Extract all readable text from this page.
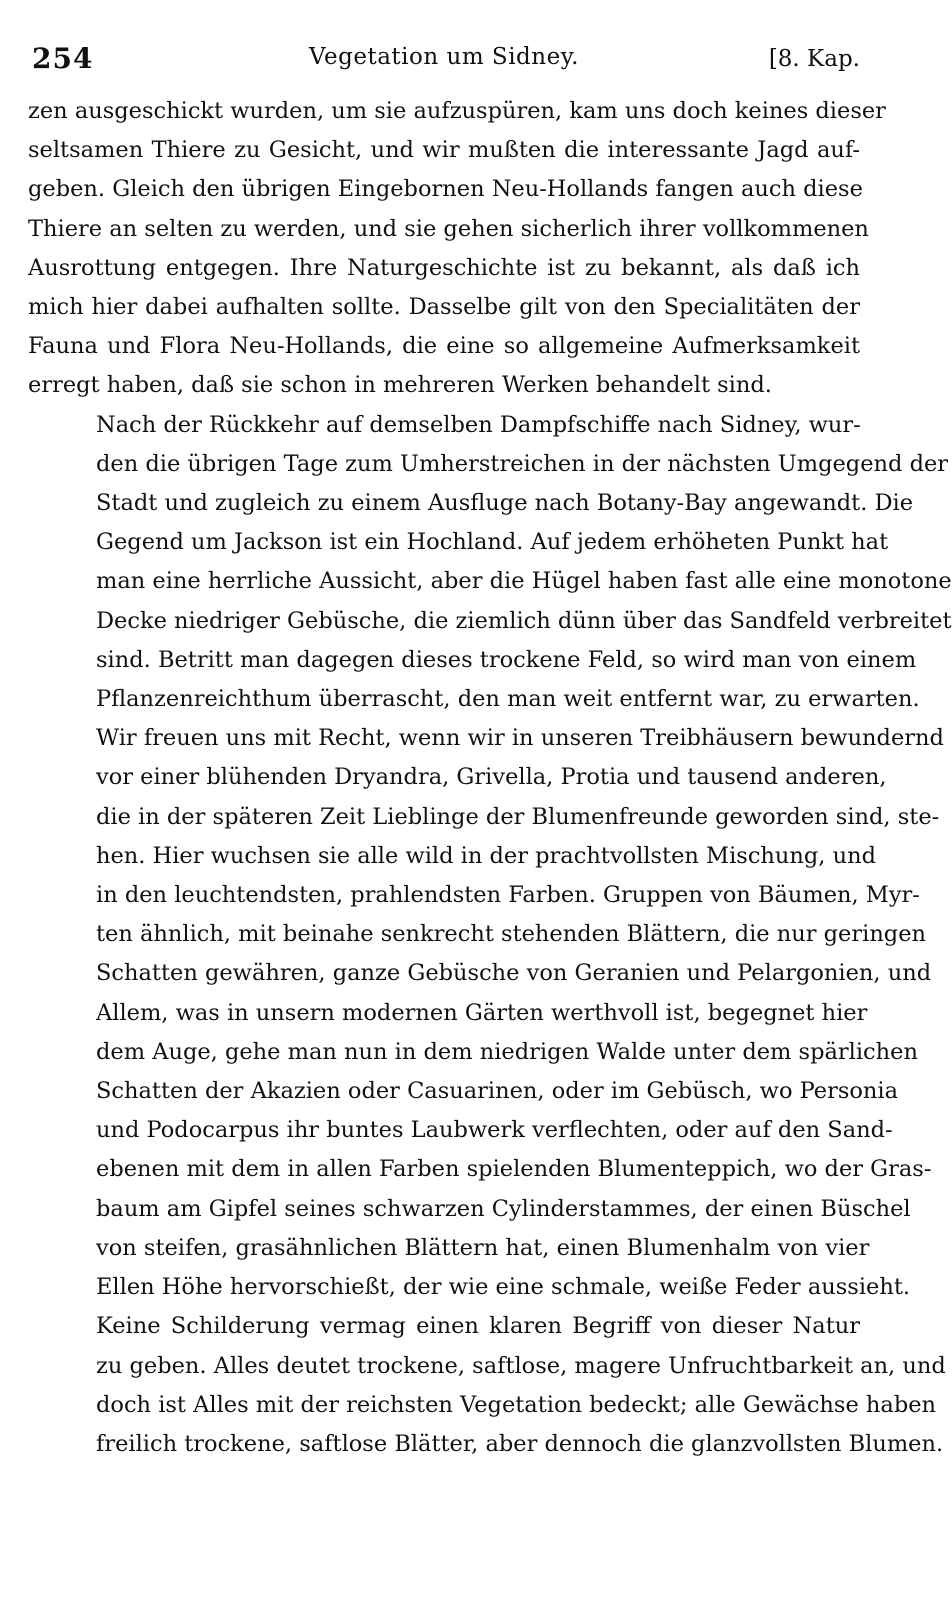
254	Vegetation um Sidney.	[8. Kap.
zen ausgeschickt wurden, um sie aufzuspüren, kam uns doch keines dieser
seltsamen Thiere zu Gesicht, und wir mußten die interessante Jagd auf-
geben. Gleich den übrigen Eingebornen Neu-Hollands fangen auch diese
Thiere an selten zu werden, und sie gehen sicherlich ihrer vollkommenen
Ausrottung entgegen. Ihre Naturgeschichte ist zu bekannt, als daß ich
mich hier dabei aufhalten sollte. Dasselbe gilt von den Specialitäten der
Fauna und Flora Neu-Hollands, die eine so allgemeine Aufmerksamkeit
erregt haben, daß sie schon in mehreren Werken behandelt sind.
Nach der Rückkehr auf demselben Dampfschiffe nach Sidney, wur-
den die übrigen Tage zum Umherstreichen in der nächsten Umgegend der
Stadt und zugleich zu einem Ausfluge nach Botany-Bay angewandt. Die
Gegend um Jackson ist ein Hochland. Auf jedem erhöheten Punkt hat
man eine herrliche Aussicht, aber die Hügel haben fast alle eine monotone
Decke niedriger Gebüsche, die ziemlich dünn über das Sandfeld verbreitet
sind. Betritt man dagegen dieses trockene Feld, so wird man von einem
Pflanzenreichthum überrascht, den man weit entfernt war, zu erwarten.
Wir freuen uns mit Recht, wenn wir in unseren Treibhäusern bewundernd
vor einer blühenden Dryandra, Grivella, Protia und tausend anderen,
die in der späteren Zeit Lieblinge der Blumenfreunde geworden sind, ste-
hen. Hier wuchsen sie alle wild in der prachtvollsten Mischung, und
in den leuchtendsten, prahlendsten Farben. Gruppen von Bäumen, Myr-
ten ähnlich, mit beinahe senkrecht stehenden Blättern, die nur geringen
Schatten gewähren, ganze Gebüsche von Geranien und Pelargonien, und
Allem, was in unsern modernen Gärten werthvoll ist, begegnet hier
dem Auge, gehe man nun in dem niedrigen Walde unter dem spärlichen
Schatten der Akazien oder Casuarinen, oder im Gebüsch, wo Personia
und Podocarpus ihr buntes Laubwerk verflechten, oder auf den Sand-
ebenen mit dem in allen Farben spielenden Blumenteppich, wo der Gras-
baum am Gipfel seines schwarzen Cylinderstammes, der einen Büschel
von steifen, grasähnlichen Blättern hat, einen Blumenhalm von vier
Ellen Höhe hervorschießt, der wie eine schmale, weiße Feder aussieht.
Keine Schilderung vermag einen klaren Begriff von dieser Natur
zu geben. Alles deutet trockene, saftlose, magere Unfruchtbarkeit an, und
doch ist Alles mit der reichsten Vegetation bedeckt; alle Gewächse haben
freilich trockene, saftlose Blätter, aber dennoch die glanzvollsten Blumen.
